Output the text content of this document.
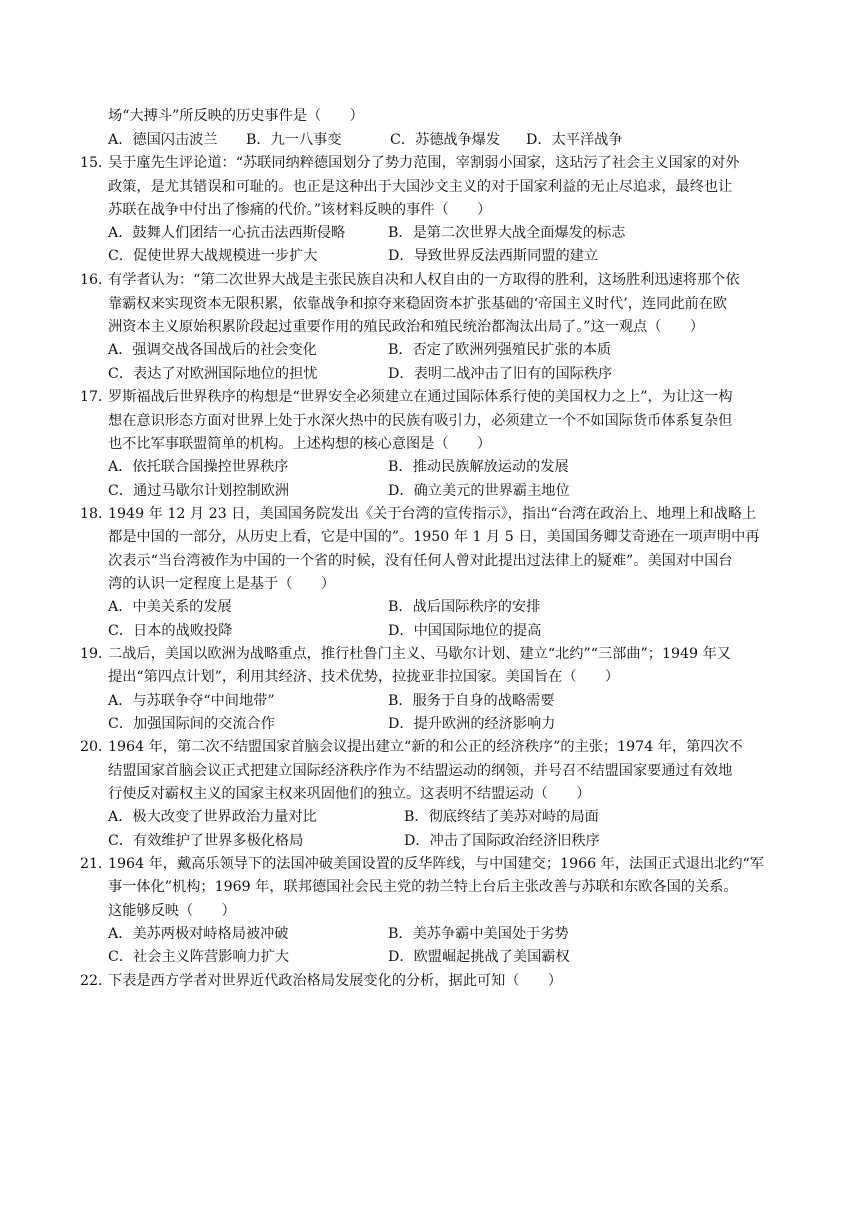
场“大搏斗”所反映的历史事件是（　　）
A．德国闪击波兰 B．九一八事变	C．苏德战争爆发 D．太平洋战争
15．
吴于廑先生评论道：“苏联同纳粹德国划分了势力范围，宰割弱小国家，这玷污了社会主义国家的对外
政策，是尤其错误和可耻的。也正是这种出于大国沙文主义的对于国家利益的无止尽追求，最终也让
苏联在战争中付出了惨痛的代价。”该材料反映的事件（　　）
A．鼓舞人们团结一心抗击法西斯侵略	B．是第二次世界大战全面爆发的标志
C．促使世界大战规模进一步扩大	D．导致世界反法西斯同盟的建立
16．
有学者认为：“第二次世界大战是主张民族自决和人权自由的一方取得的胜利，这场胜利迅速将那个依
靠霸权来实现资本无限积累，依靠战争和掠夺来稳固资本扩张基础的‘帝国主义时代’，连同此前在欧
洲资本主义原始积累阶段起过重要作用的殖民政治和殖民统治都淘汰出局了。”这一观点（　　）
A．强调交战各国战后的社会变化	B．否定了欧洲列强殖民扩张的本质
C．表达了对欧洲国际地位的担忧	D．表明二战冲击了旧有的国际秩序
17．
罗斯福战后世界秩序的构想是“世界安全必须建立在通过国际体系行使的美国权力之上”，为让这一构
想在意识形态方面对世界上处于水深火热中的民族有吸引力，必须建立一个不如国际货币体系复杂但
也不比军事联盟简单的机构。上述构想的核心意图是（　　）
A．依托联合国操控世界秩序	B．推动民族解放运动的发展
C．通过马歇尔计划控制欧洲	D．确立美元的世界霸主地位
18．
1949 年 12 月 23 日，美国国务院发出《关于台湾的宣传指示》，指出“台湾在政治上、地理上和战略上
都是中国的一部分，从历史上看，它是中国的”。1950 年 1 月 5 日，美国国务卿艾奇逊在一项声明中再
次表示“当台湾被作为中国的一个省的时候，没有任何人曾对此提出过法律上的疑难”。美国对中国台
湾的认识一定程度上是基于（　　）
A．中美关系的发展	B．战后国际秩序的安排
C．日本的战败投降	D．中国国际地位的提高
19．
二战后，美国以欧洲为战略重点，推行杜鲁门主义、马歇尔计划、建立“北约”“三部曲”；1949 年又
提出“第四点计划”，利用其经济、技术优势，拉拢亚非拉国家。美国旨在（　　）
A．与苏联争夺“中间地带”	B．服务于自身的战略需要
C．加强国际间的交流合作	D．提升欧洲的经济影响力
20．
1964 年，第二次不结盟国家首脑会议提出建立“新的和公正的经济秩序”的主张；1974 年，第四次不
结盟国家首脑会议正式把建立国际经济秩序作为不结盟运动的纲领，并号召不结盟国家要通过有效地
行使反对霸权主义的国家主权来巩固他们的独立。这表明不结盟运动（　　）
A．极大改变了世界政治力量对比	B．彻底终结了美苏对峙的局面
C．有效维护了世界多极化格局	D．冲击了国际政治经济旧秩序
21．
1964 年，戴高乐领导下的法国冲破美国设置的反华阵线，与中国建交；1966 年，法国正式退出北约“军
事一体化”机构；1969 年，联邦德国社会民主党的勃兰特上台后主张改善与苏联和东欧各国的关系。
这能够反映（　　）
A．美苏两极对峙格局被冲破	B．美苏争霸中美国处于劣势
C．社会主义阵营影响力扩大	D．欧盟崛起挑战了美国霸权
22．
下表是西方学者对世界近代政治格局发展变化的分析，据此可知（　　）
